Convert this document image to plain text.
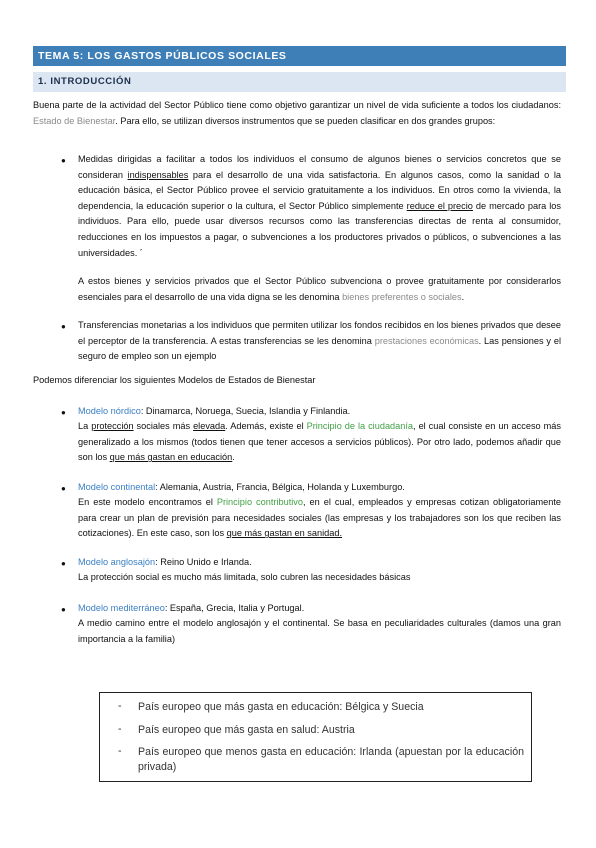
TEMA 5: LOS GASTOS PÚBLICOS SOCIALES
1. INTRODUCCIÓN
Buena parte de la actividad del Sector Público tiene como objetivo garantizar un nivel de vida suficiente a todos los ciudadanos: Estado de Bienestar. Para ello, se utilizan diversos instrumentos que se pueden clasificar en dos grandes grupos:
● Medidas dirigidas a facilitar a todos los individuos el consumo de algunos bienes o servicios concretos que se consideran indispensables para el desarrollo de una vida satisfactoria. En algunos casos, como la sanidad o la educación básica, el Sector Público provee el servicio gratuitamente a los individuos. En otros como la vivienda, la dependencia, la educación superior o la cultura, el Sector Público simplemente reduce el precio de mercado para los individuos. Para ello, puede usar diversos recursos como las transferencias directas de renta al consumidor, reducciones en los impuestos a pagar, o subvenciones a los productores privados o públicos, o subvenciones a las universidades. ´
A estos bienes y servicios privados que el Sector Público subvenciona o provee gratuitamente por considerarlos esenciales para el desarrollo de una vida digna se les denomina bienes preferentes o sociales.
● Transferencias monetarias a los individuos que permiten utilizar los fondos recibidos en los bienes privados que desee el perceptor de la transferencia. A estas transferencias se les denomina prestaciones económicas. Las pensiones y el seguro de empleo son un ejemplo
Podemos diferenciar los siguientes Modelos de Estados de Bienestar
● Modelo nórdico: Dinamarca, Noruega, Suecia, Islandia y Finlandia.
La protección sociales más elevada. Además, existe el Principio de la ciudadanía, el cual consiste en un acceso más generalizado a los mismos (todos tienen que tener accesos a servicios públicos). Por otro lado, podemos añadir que son los que más gastan en educación.
● Modelo continental: Alemania, Austria, Francia, Bélgica, Holanda y Luxemburgo.
En este modelo encontramos el Principio contributivo, en el cual, empleados y empresas cotizan obligatoriamente para crear un plan de previsión para necesidades sociales (las empresas y los trabajadores son los que reciben las cotizaciones). En este caso, son los que más gastan en sanidad.
● Modelo anglosajón: Reino Unido e Irlanda.
La protección social es mucho más limitada, solo cubren las necesidades básicas
● Modelo mediterráneo: España, Grecia, Italia y Portugal.
A medio camino entre el modelo anglosajón y el continental. Se basa en peculiaridades culturales (damos una gran importancia a la familia)
- País europeo que más gasta en educación: Bélgica y Suecia
- País europeo que más gasta en salud: Austria
- País europeo que menos gasta en educación: Irlanda (apuestan por la educación privada)
